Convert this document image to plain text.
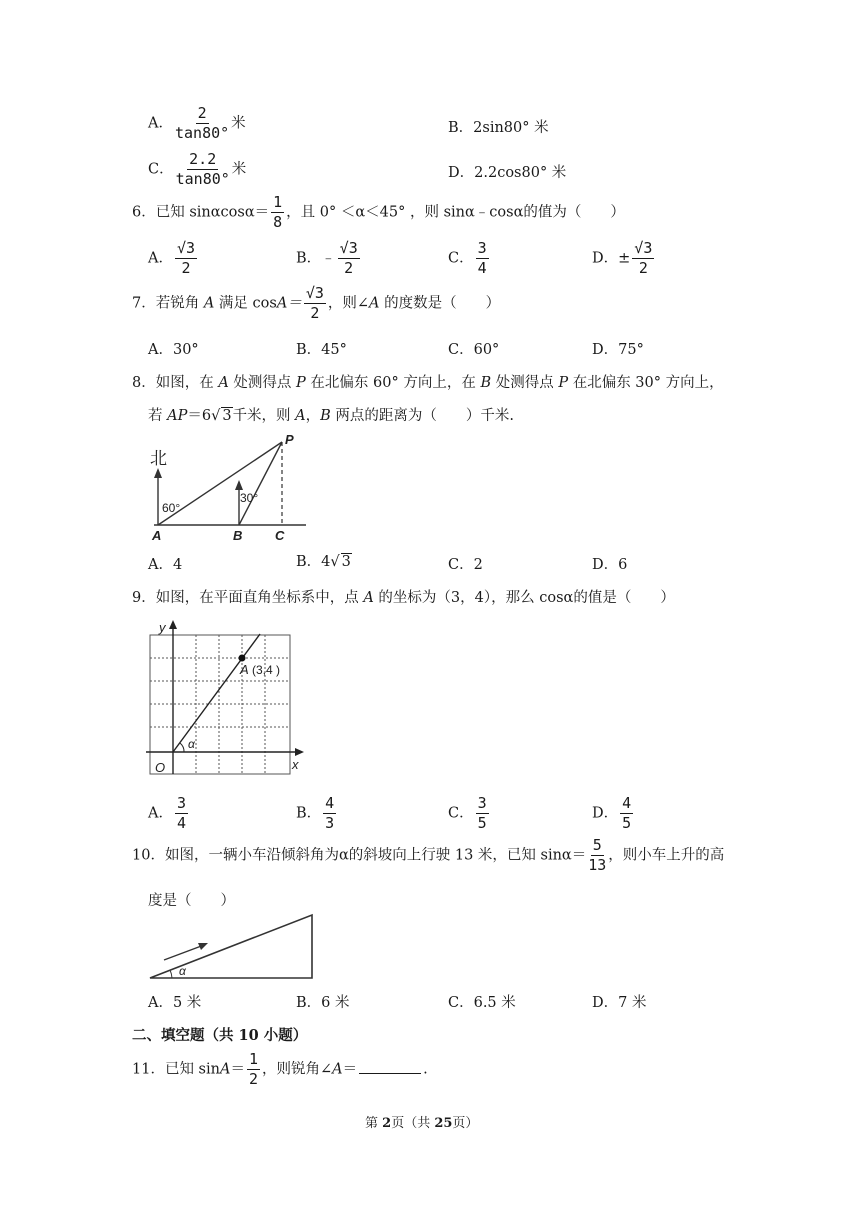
A． $\frac{2}{\tan 80^\circ}$ 米	B．2sin80° 米
C． $\frac{2.2}{\tan 80^\circ}$ 米	D．2.2cos80° 米
6．已知 $\sin\alpha\cos\alpha= \frac{1}{8}$ ，且 0° ＜α＜45° ，则 sinα﹣cosα的值为（　　）
A． $\frac{√3}{2}$	B．﹣ $\frac{√3}{2}$	C． $\frac{3}{4}$	D．± $\frac{√3}{2}$
7．若锐角 A 满足 $\cos A= \frac{√3}{2}$ ，则∠A 的度数是（　　）
A．30°	B．45°	C．60°	D．75°
8．如图，在 A 处测得点 P 在北偏东 60° 方向上，在 B 处测得点 P 在北偏东 30° 方向上，
若 AP＝6√ 3千米，则 A，B 两点的距离为（　　）千米.
北
60°
30°
P
A	B	C
A．4	B．4√ 3	C．2	D．6
9．如图，在平面直角坐标系中，点 A 的坐标为（3，4），那么 cosα的值是（　　）
y
x
O
A (3,4 )
α
A． $\frac{3}{4}$	B． $\frac{4}{3}$	C． $\frac{3}{5}$	D． $\frac{4}{5}$
10．如图，一辆小车沿倾斜角为α的斜坡向上行驶 13 米，已知 $\sin\alpha= \frac{5}{13}$ ，则小车上升的高
度是（　　）
α
A．5 米	B．6 米	C．6.5 米	D．7 米
二、填空题（共 10 小题）
11．已知 $\sin A= \frac{1}{2}$ ，则锐角∠A＝	.
第 2页（共 25页）
